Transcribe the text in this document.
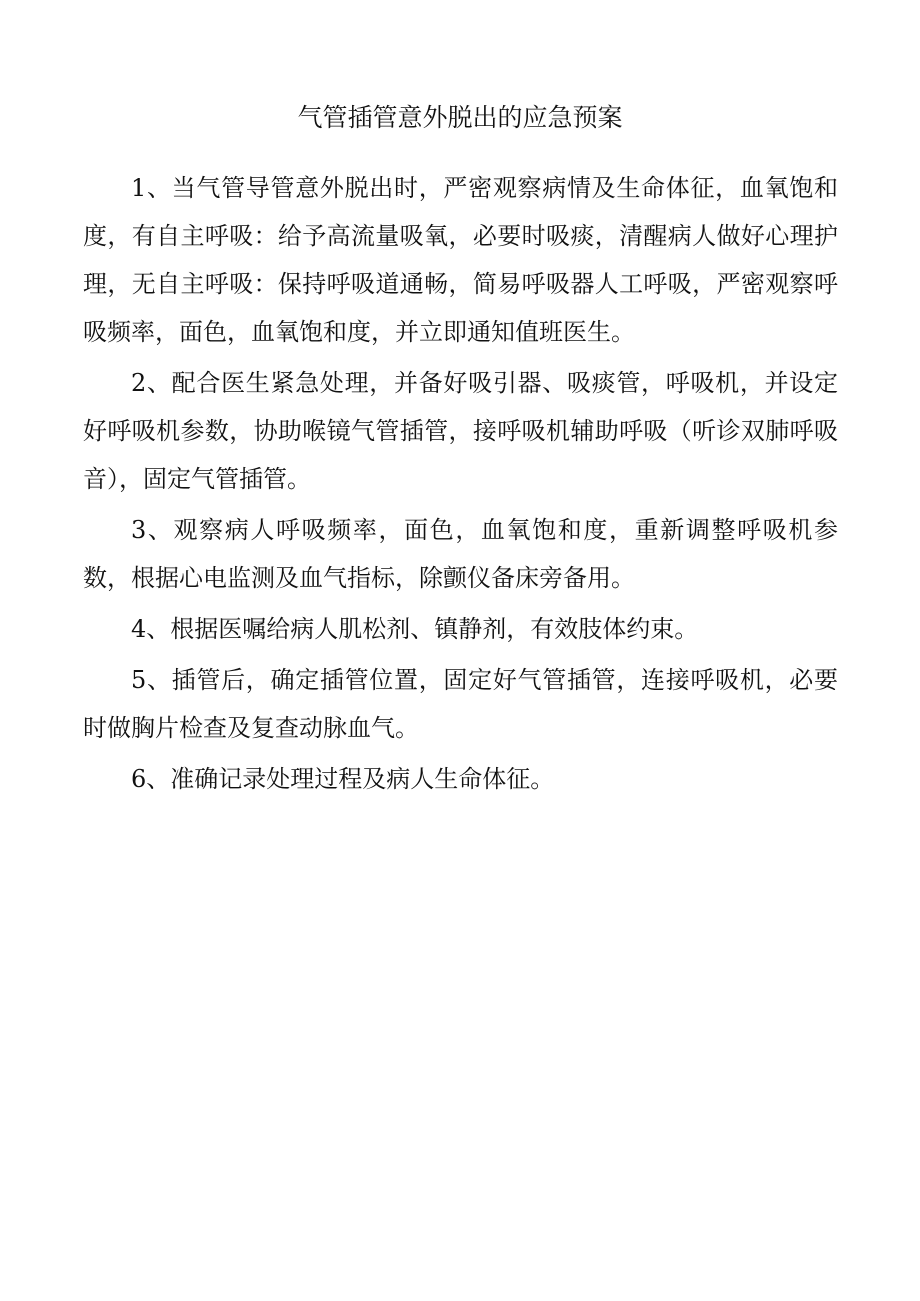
气管插管意外脱出的应急预案

1、当气管导管意外脱出时，严密观察病情及生命体征，血氧饱和度，有自主呼吸：给予高流量吸氧，必要时吸痰，清醒病人做好心理护理，无自主呼吸：保持呼吸道通畅，简易呼吸器人工呼吸，严密观察呼吸频率，面色，血氧饱和度，并立即通知值班医生。

2、配合医生紧急处理，并备好吸引器、吸痰管，呼吸机，并设定好呼吸机参数，协助喉镜气管插管，接呼吸机辅助呼吸（听诊双肺呼吸音），固定气管插管。

3、观察病人呼吸频率，面色，血氧饱和度，重新调整呼吸机参数，根据心电监测及血气指标，除颤仪备床旁备用。

4、根据医嘱给病人肌松剂、镇静剂，有效肢体约束。

5、插管后，确定插管位置，固定好气管插管，连接呼吸机，必要时做胸片检查及复查动脉血气。

6、准确记录处理过程及病人生命体征。
